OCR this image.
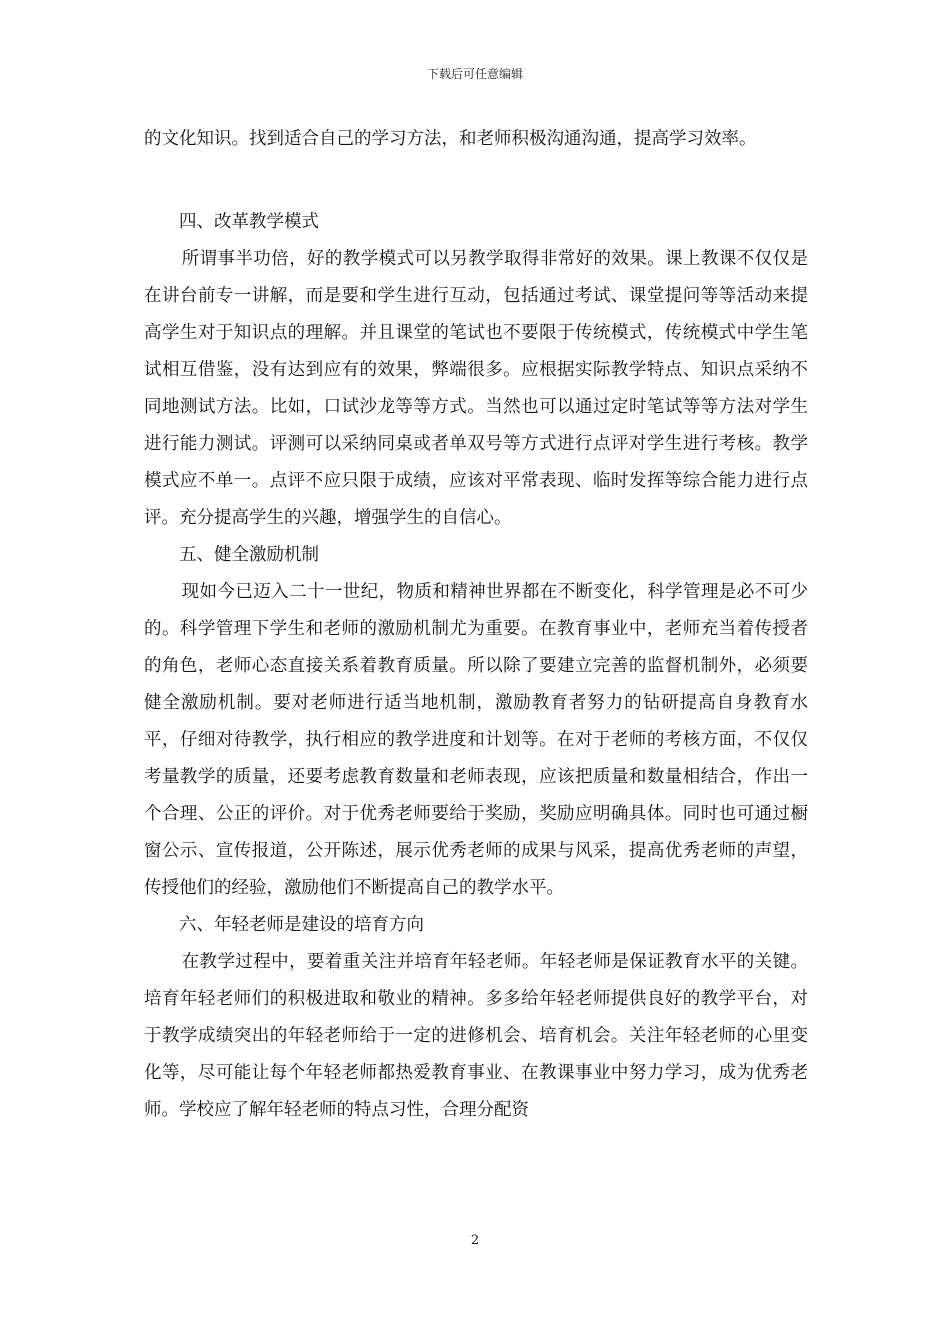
下载后可任意编辑

的文化知识。找到适合自己的学习方法，和老师积极沟通沟通，提高学习效率。

四、改革教学模式

所谓事半功倍，好的教学模式可以另教学取得非常好的效果。课上教课不仅仅是在讲台前专一讲解，而是要和学生进行互动，包括通过考试、课堂提问等等活动来提高学生对于知识点的理解。并且课堂的笔试也不要限于传统模式，传统模式中学生笔试相互借鉴，没有达到应有的效果，弊端很多。应根据实际教学特点、知识点采纳不同地测试方法。比如，口试沙龙等等方式。当然也可以通过定时笔试等等方法对学生进行能力测试。评测可以采纳同桌或者单双号等方式进行点评对学生进行考核。教学模式应不单一。点评不应只限于成绩，应该对平常表现、临时发挥等综合能力进行点评。充分提高学生的兴趣，增强学生的自信心。

五、健全激励机制

现如今已迈入二十一世纪，物质和精神世界都在不断变化，科学管理是必不可少的。科学管理下学生和老师的激励机制尤为重要。在教育事业中，老师充当着传授者的角色，老师心态直接关系着教育质量。所以除了要建立完善的监督机制外，必须要健全激励机制。要对老师进行适当地机制，激励教育者努力的钻研提高自身教育水平，仔细对待教学，执行相应的教学进度和计划等。在对于老师的考核方面，不仅仅考量教学的质量，还要考虑教育数量和老师表现，应该把质量和数量相结合，作出一个合理、公正的评价。对于优秀老师要给于奖励，奖励应明确具体。同时也可通过橱窗公示、宣传报道，公开陈述，展示优秀老师的成果与风采，提高优秀老师的声望，传授他们的经验，激励他们不断提高自己的教学水平。

六、年轻老师是建设的培育方向

在教学过程中，要着重关注并培育年轻老师。年轻老师是保证教育水平的关键。培育年轻老师们的积极进取和敬业的精神。多多给年轻老师提供良好的教学平台，对于教学成绩突出的年轻老师给于一定的进修机会、培育机会。关注年轻老师的心里变化等，尽可能让每个年轻老师都热爱教育事业、在教课事业中努力学习，成为优秀老师。学校应了解年轻老师的特点习性，合理分配资

2
